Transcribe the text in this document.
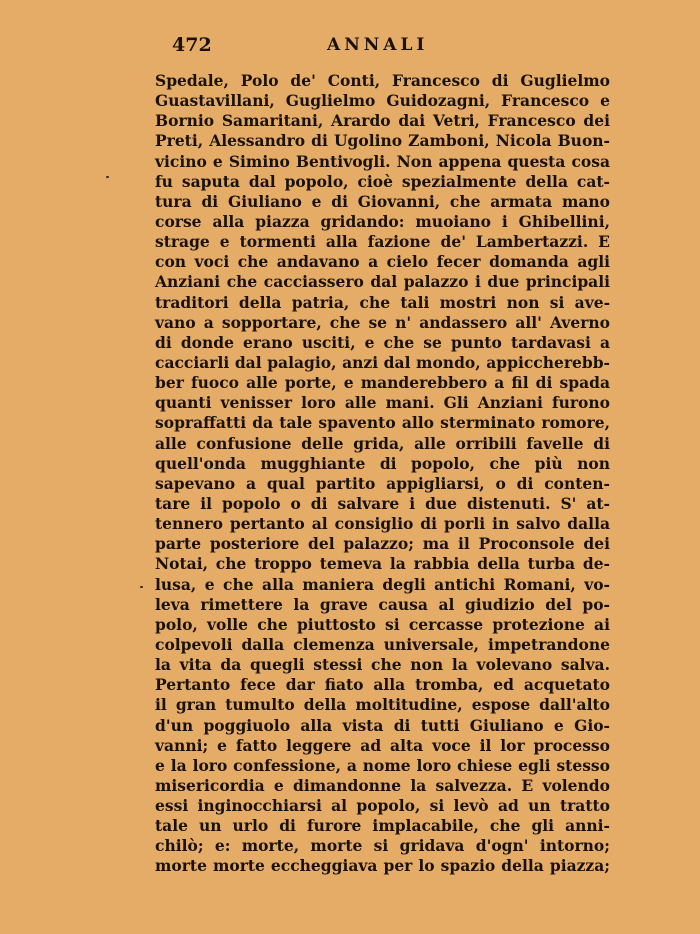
472	ANNALI
Spedale, Polo de' Conti, Francesco di Guglielmo
Guastavillani, Guglielmo Guidozagni, Francesco e
Bornio Samaritani, Arardo dai Vetri, Francesco dei
Preti, Alessandro di Ugolino Zamboni, Nicola Buon-
vicino e Simino Bentivogli. Non appena questa cosa
fu saputa dal popolo, cioè spezialmente della cat-
tura di Giuliano e di Giovanni, che armata mano
corse alla piazza gridando: muoiano i Ghibellini,
strage e tormenti alla fazione de' Lambertazzi. E
con voci che andavano a cielo fecer domanda agli
Anziani che cacciassero dal palazzo i due principali
traditori della patria, che tali mostri non si ave-
vano a sopportare, che se n' andassero all' Averno
di donde erano usciti, e che se punto tardavasi a
cacciarli dal palagio, anzi dal mondo, appiccherebb-
ber fuoco alle porte, e manderebbero a fil di spada
quanti venisser loro alle mani. Gli Anziani furono
sopraffatti da tale spavento allo sterminato romore,
alle confusione delle grida, alle orribili favelle di
quell'onda mugghiante di popolo, che più non
sapevano a qual partito appigliarsi, o di conten-
tare il popolo o di salvare i due distenuti. S' at-
tennero pertanto al consiglio di porli in salvo dalla
parte posteriore del palazzo; ma il Proconsole dei
Notai, che troppo temeva la rabbia della turba de-
lusa, e che alla maniera degli antichi Romani, vo-
leva rimettere la grave causa al giudizio del po-
polo, volle che piuttosto si cercasse protezione ai
colpevoli dalla clemenza universale, impetrandone
la vita da quegli stessi che non la volevano salva.
Pertanto fece dar fiato alla tromba, ed acquetato
il gran tumulto della moltitudine, espose dall'alto
d'un poggiuolo alla vista di tutti Giuliano e Gio-
vanni; e fatto leggere ad alta voce il lor processo
e la loro confessione, a nome loro chiese egli stesso
misericordia e dimandonne la salvezza. E volendo
essi inginocchiarsi al popolo, si levò ad un tratto
tale un urlo di furore implacabile, che gli anni-
chilò; e: morte, morte si gridava d'ogn' intorno;
morte morte eccheggiava per lo spazio della piazza;
